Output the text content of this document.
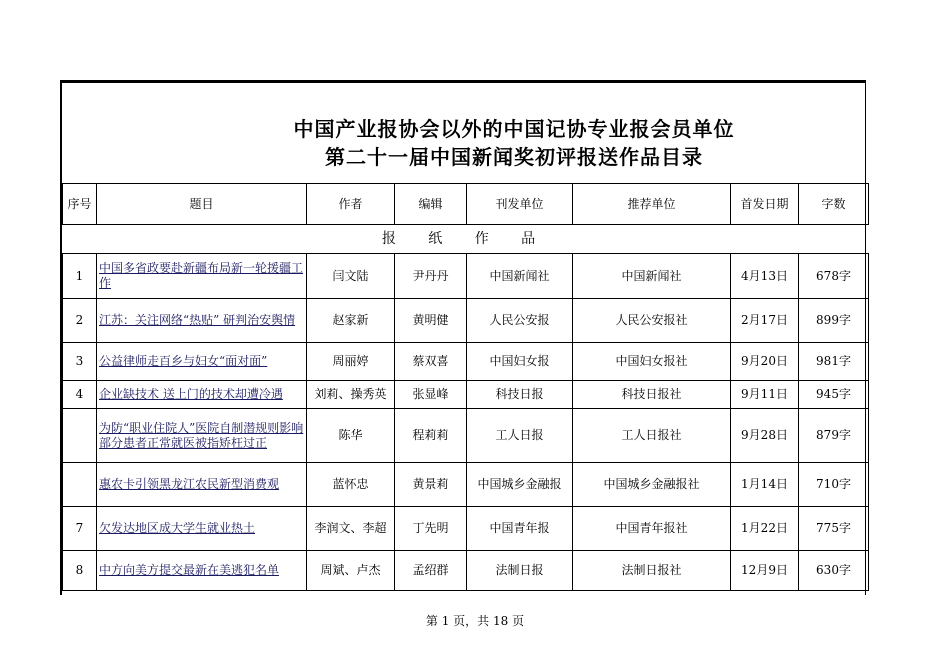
中国产业报协会以外的中国记协专业报会员单位
第二十一届中国新闻奖初评报送作品目录
序号	题目	作者	编辑	刊发单位	推荐单位	首发日期	字数
报 纸 作 品							
1	中国多省政要赴新疆布局新一轮援疆工作	闫文陆	尹丹丹	中国新闻社	中国新闻社	4月13日	678字
2	江苏：关注网络“热贴” 研判治安舆情	赵家新	黄明健	人民公安报	人民公安报社	2月17日	899字
3	公益律师走百乡与妇女“面对面”	周丽婷	蔡双喜	中国妇女报	中国妇女报社	9月20日	981字
4	企业缺技术 送上门的技术却遭冷遇	刘莉、操秀英	张显峰	科技日报	科技日报社	9月11日	945字
	为防“职业住院人”医院自制潜规则影响部分患者正常就医被指矫枉过正	陈华	程莉莉	工人日报	工人日报社	9月28日	879字
	惠农卡引领黑龙江农民新型消费观	蓝怀忠	黄景莉	中国城乡金融报	中国城乡金融报社	1月14日	710字
7	欠发达地区成大学生就业热土	李润文、李超	丁先明	中国青年报	中国青年报社	1月22日	775字
8	中方向美方提交最新在美逃犯名单	周斌、卢杰	孟绍群	法制日报	法制日报社	12月9日	630字
第 1 页，共 18 页
